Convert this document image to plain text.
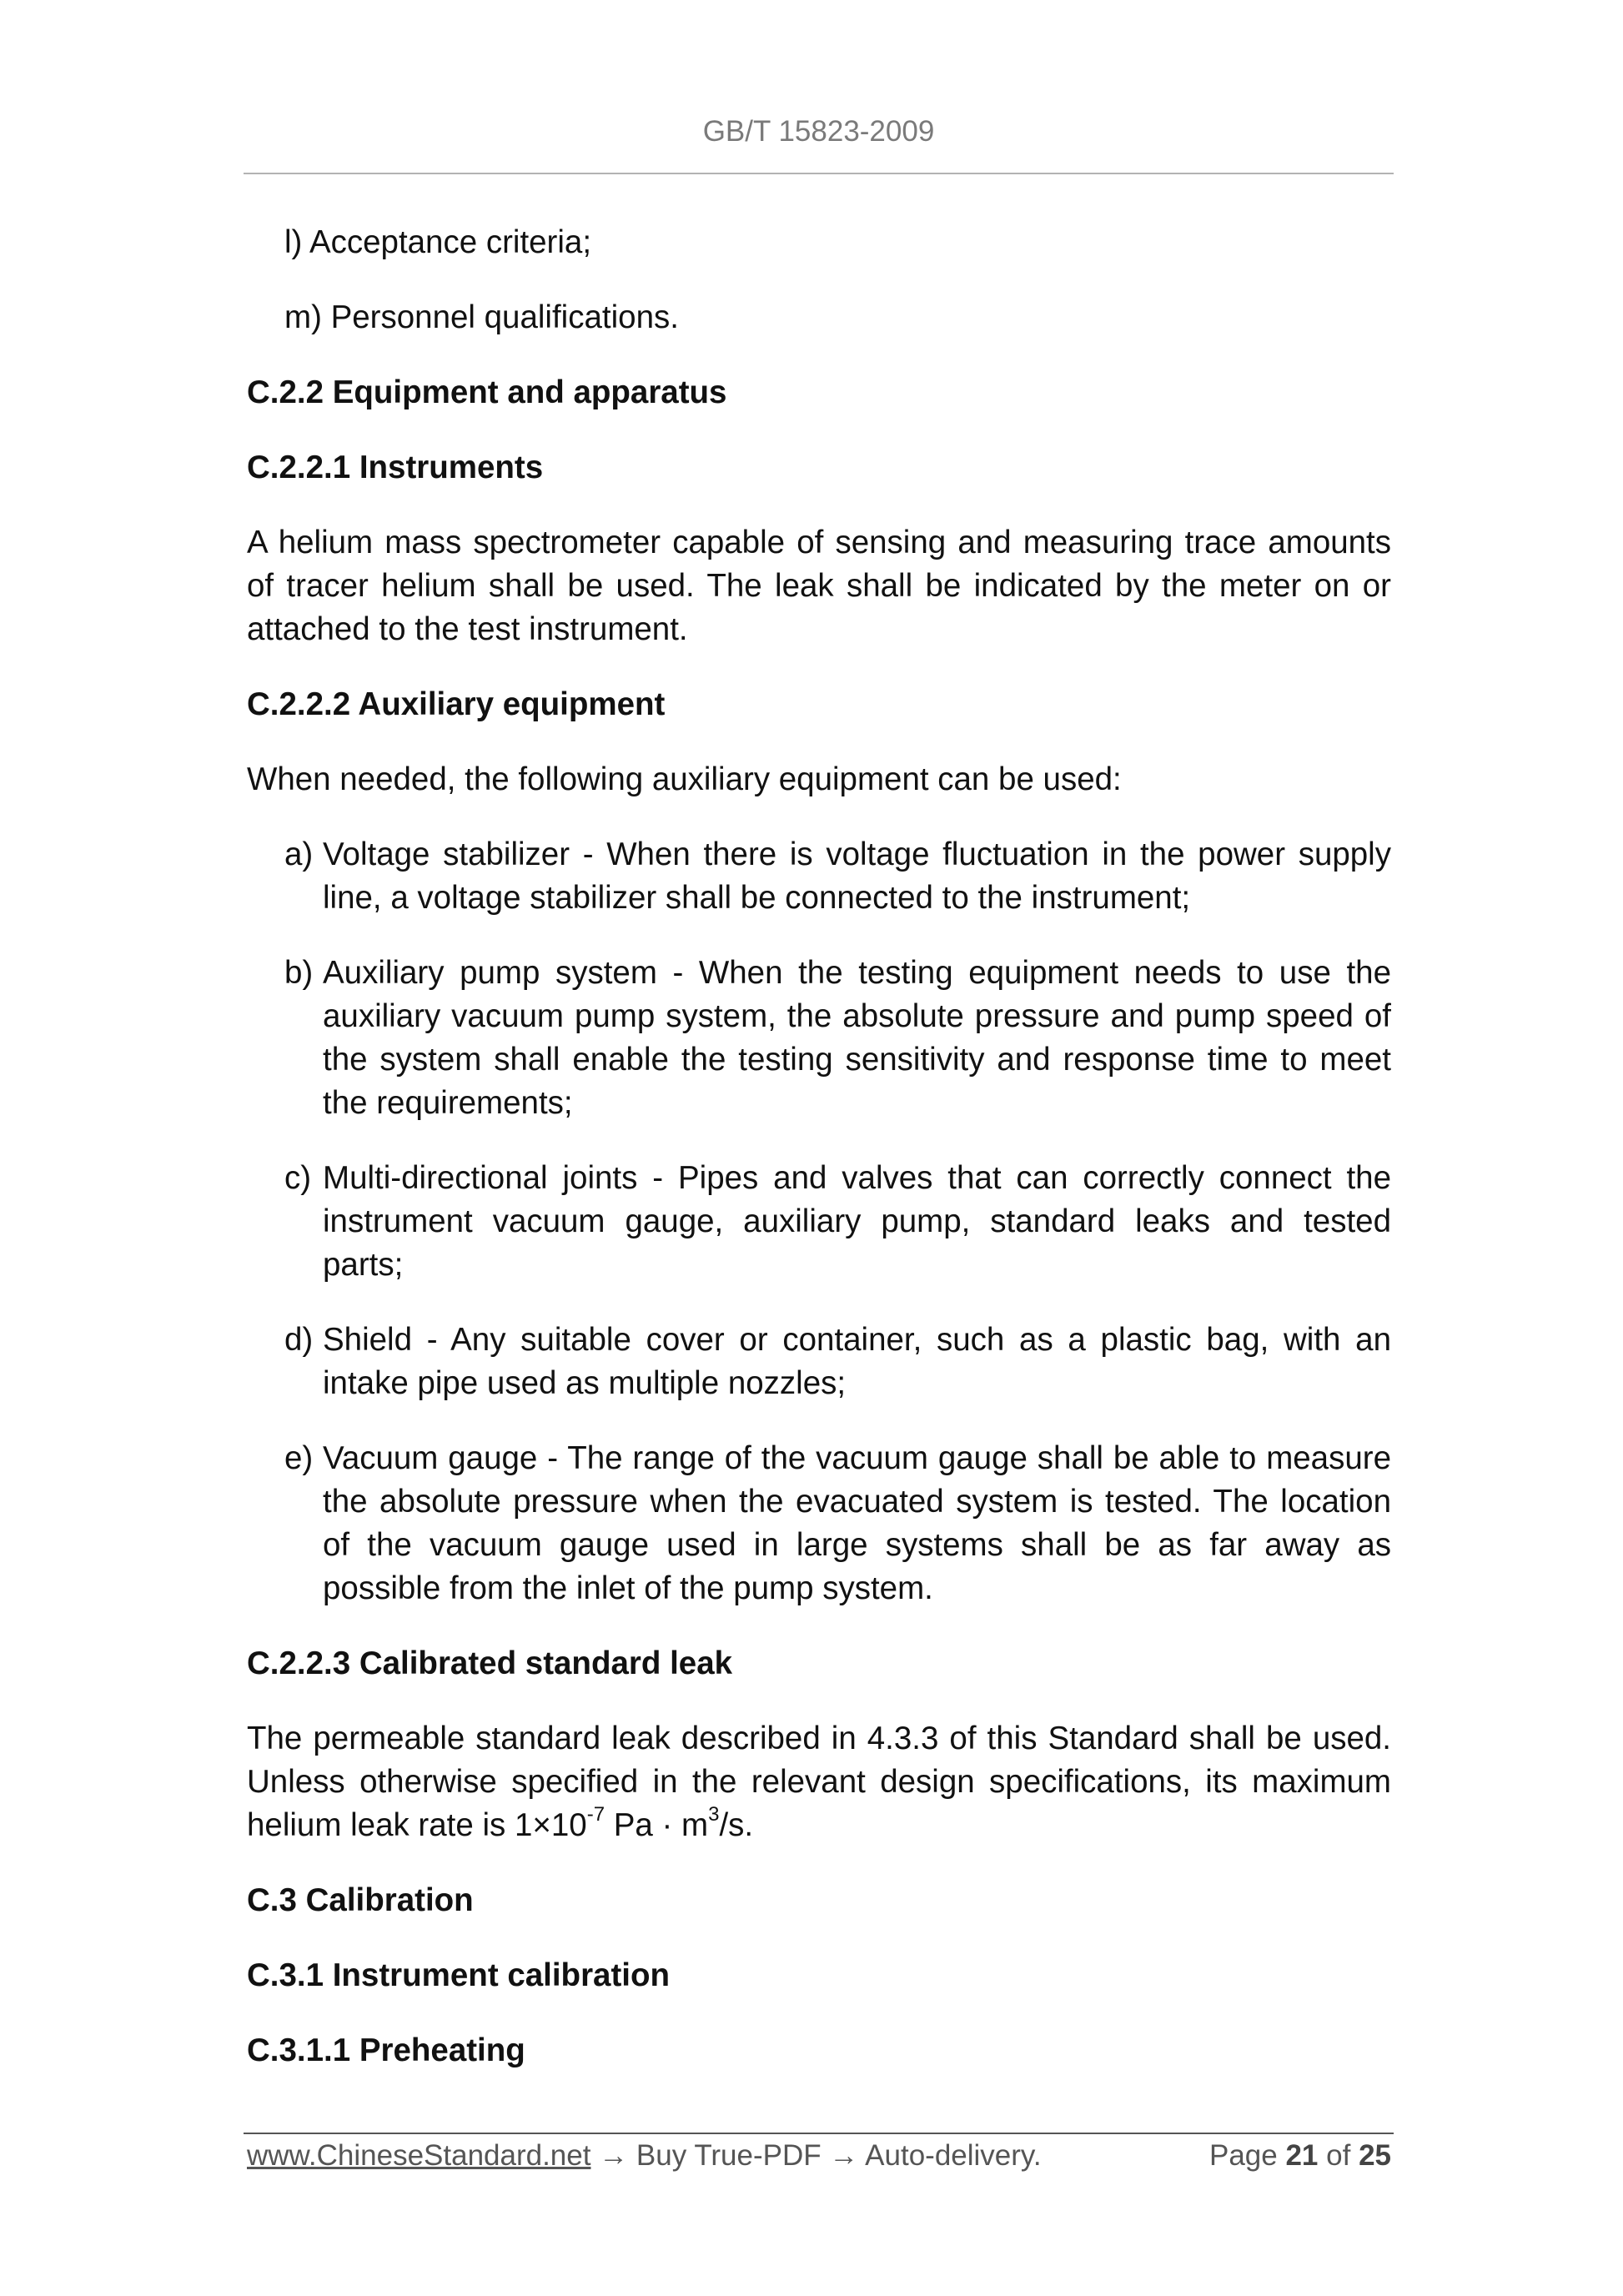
GB/T 15823-2009

l) Acceptance criteria;

m) Personnel qualifications.

C.2.2 Equipment and apparatus

C.2.2.1 Instruments

A helium mass spectrometer capable of sensing and measuring trace amounts of tracer helium shall be used. The leak shall be indicated by the meter on or attached to the test instrument.

C.2.2.2 Auxiliary equipment

When needed, the following auxiliary equipment can be used:

a) Voltage stabilizer - When there is voltage fluctuation in the power supply line, a voltage stabilizer shall be connected to the instrument;
b) Auxiliary pump system - When the testing equipment needs to use the auxiliary vacuum pump system, the absolute pressure and pump speed of the system shall enable the testing sensitivity and response time to meet the requirements;
c) Multi-directional joints - Pipes and valves that can correctly connect the instrument vacuum gauge, auxiliary pump, standard leaks and tested parts;
d) Shield - Any suitable cover or container, such as a plastic bag, with an intake pipe used as multiple nozzles;
e) Vacuum gauge - The range of the vacuum gauge shall be able to measure the absolute pressure when the evacuated system is tested. The location of the vacuum gauge used in large systems shall be as far away as possible from the inlet of the pump system.

C.2.2.3 Calibrated standard leak

The permeable standard leak described in 4.3.3 of this Standard shall be used. Unless otherwise specified in the relevant design specifications, its maximum helium leak rate is $1\times 10^{-7}$ $Pa \cdot m^3/s$.

C.3 Calibration

C.3.1 Instrument calibration

C.3.1.1 Preheating

www.ChineseStandard.net → Buy True-PDF → Auto-delivery.	Page 21 of 25
